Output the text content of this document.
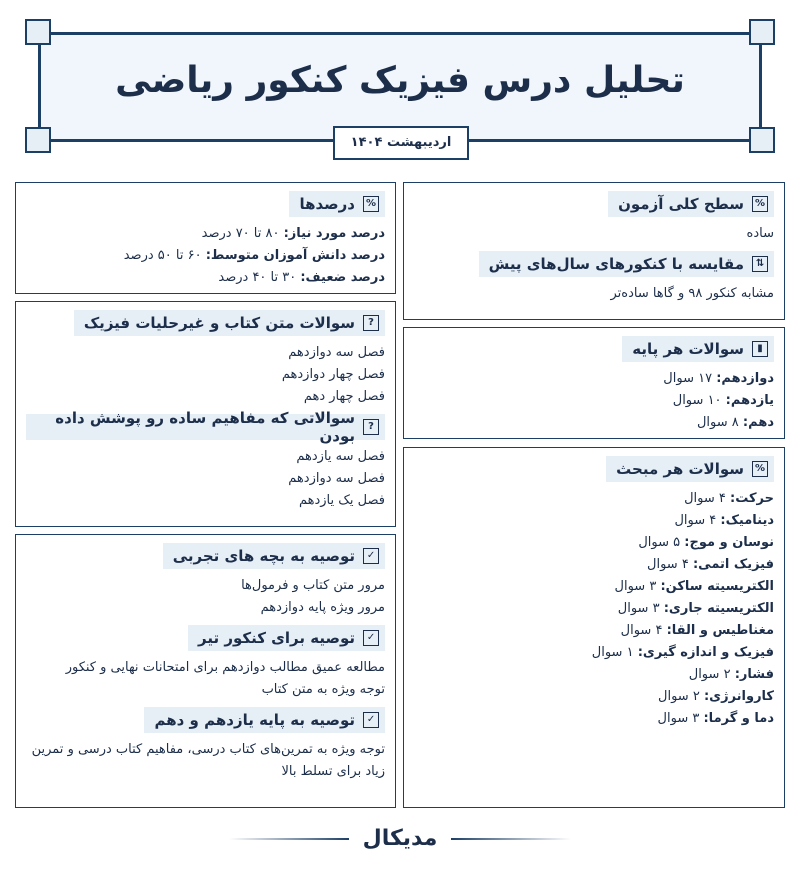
تحلیل درس فیزیک کنکور ریاضی
اردیبهشت ۱۴۰۴
%
سطح کلی آزمون
ساده
⇅
مقایسه با کنکورهای سال‌های پیش
مشابه کنکور ۹۸ و گاها ساده‌تر
▮
سوالات هر پایه
دوازدهم: ۱۷ سوال
یازدهم: ۱۰ سوال
دهم: ۸ سوال
%
سوالات هر مبحث
حرکت: ۴ سوال
دینامیک: ۴ سوال
نوسان و موج: ۵ سوال
فیزیک اتمی: ۴ سوال
الکتریسیته ساکن: ۳ سوال
الکتریسیته جاری: ۳ سوال
مغناطیس و القا: ۴ سوال
فیزیک و اندازه گیری: ۱ سوال
فشار: ۲ سوال
کاروانرژی: ۲ سوال
دما و گرما: ۳ سوال
%
درصدها
درصد مورد نیاز: ۸۰ تا ۷۰ درصد
درصد دانش آموزان متوسط: ۶۰ تا ۵۰ درصد
درصد ضعیف: ۳۰ تا ۴۰ درصد
?
سوالات متن کتاب و غیرحلیات فیزیک
فصل سه دوازدهم
فصل چهار دوازدهم
فصل چهار دهم
?
سوالاتی که مفاهیم ساده رو پوشش داده بودن
فصل سه یازدهم
فصل سه دوازدهم
فصل یک یازدهم
✓
توصیه به بچه های تجربی
مرور متن کتاب و فرمول‌ها
مرور ویژه پایه دوازدهم
✓
توصیه برای کنکور تیر
مطالعه عمیق مطالب دوازدهم برای امتحانات نهایی و کنکور
توجه ویژه به متن کتاب
✓
توصیه به پایه یازدهم و دهم
توجه ویژه به تمرین‌های کتاب درسی، مفاهیم کتاب درسی و تمرین زیاد برای تسلط بالا
مدیکال
